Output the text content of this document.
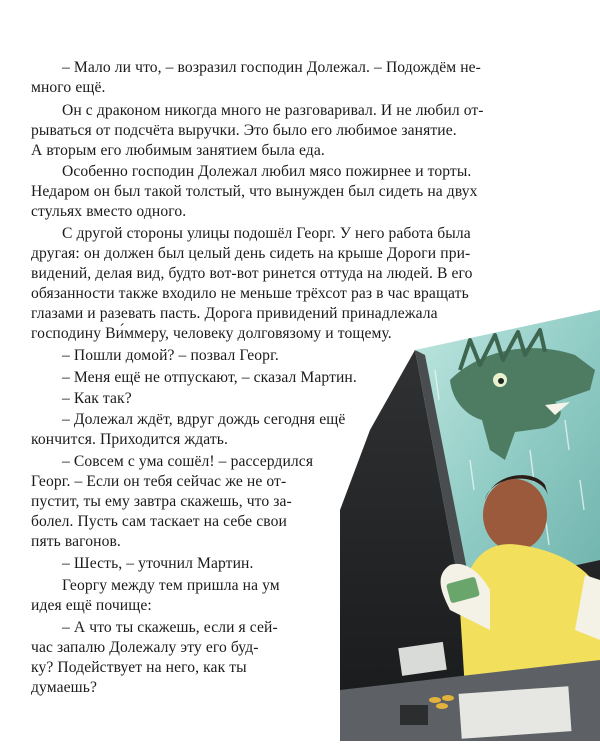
– Мало ли что, – возразил господин Долежал. – Подождём не-
много ещё.
Он с драконом никогда много не разговаривал. И не любил от-
рываться от подсчёта выручки. Это было его любимое занятие.
А вторым его любимым занятием была еда.
Особенно господин Долежал любил мясо пожирнее и торты.
Недаром он был такой толстый, что вынужден был сидеть на двух
стульях вместо одного.
С другой стороны улицы подошёл Георг. У него работа была
другая: он должен был целый день сидеть на крыше Дороги при-
видений, делая вид, будто вот-вот ринется оттуда на людей. В его
обязанности также входило не меньше трёхсот раз в час вращать
глазами и разевать пасть. Дорога привидений принадлежала
господину Ви́ммеру, человеку долговязому и тощему.
– Пошли домой? – позвал Георг.
– Меня ещё не отпускают, – сказал Мартин.
– Как так?
– Долежал ждёт, вдруг дождь сегодня ещё
кончится. Приходится ждать.
– Совсем с ума сошёл! – рассердился
Георг. – Если он тебя сейчас же не от-
пустит, ты ему завтра скажешь, что за-
болел. Пусть сам таскает на себе свои
пять вагонов.
– Шесть, – уточнил Мартин.
Георгу между тем пришла на ум
идея ещё почище:
– А что ты скажешь, если я сей-
час запалю Долежалу эту его буд-
ку? Подействует на него, как ты
думаешь?
